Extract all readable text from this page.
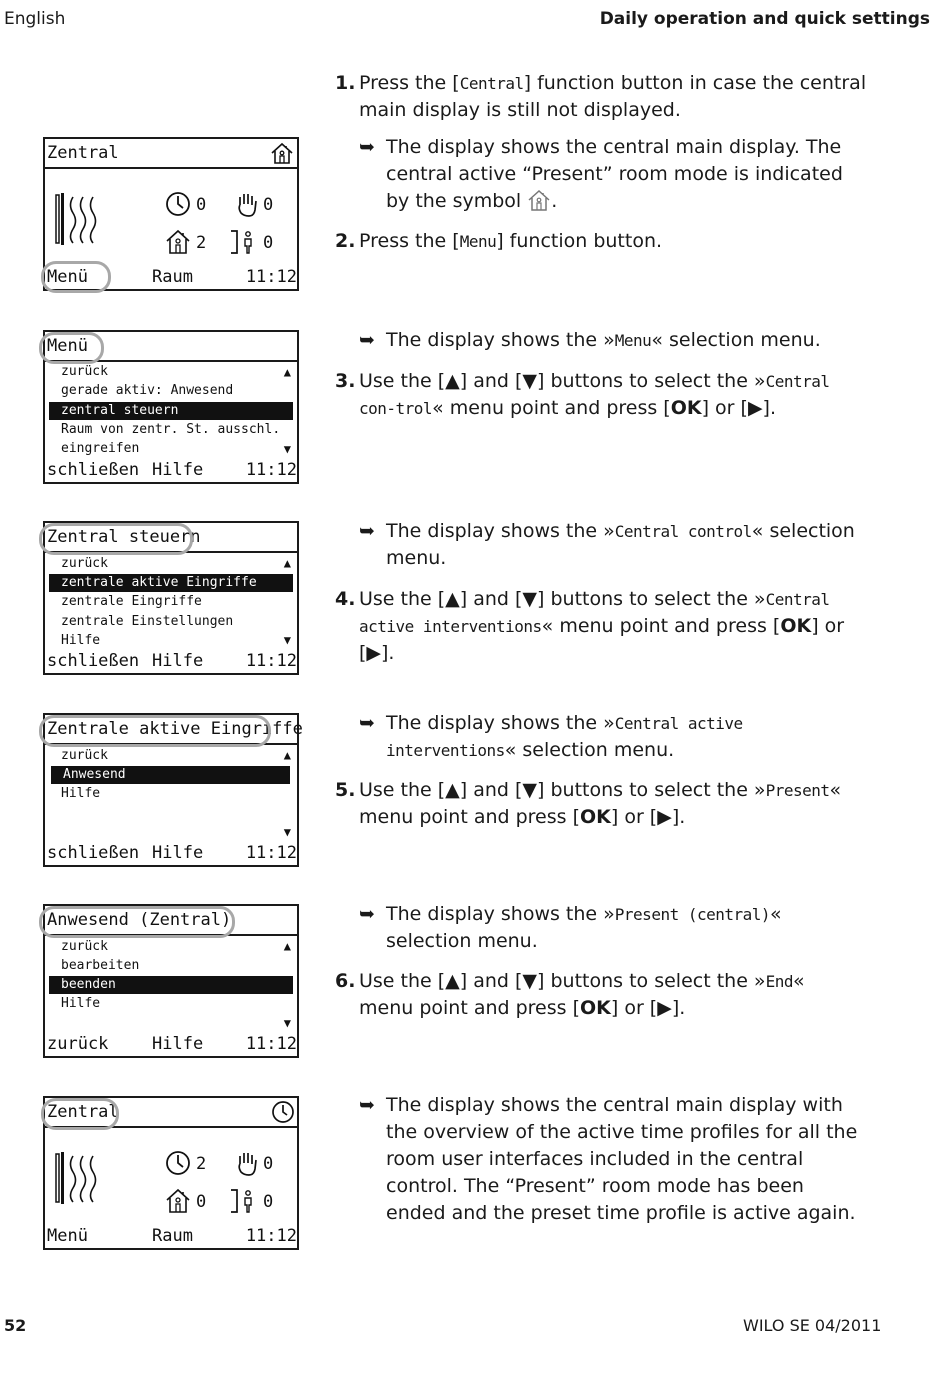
English	Daily operation and quick settings
Zentral
0	0
2	0
Menü	Raum	11:12
Menü
▲
zurück
gerade aktiv: Anwesend
zentral steuern
Raum von zentr. St. ausschl.
eingreifen	▼
schließen Hilfe	11:12
Zentral steuern
▲
zurück
zentrale aktive Eingriffe
zentrale Eingriffe
zentrale Einstellungen
Hilfe	▼
schließen Hilfe	11:12
Zentrale aktive Eingriffe
▲
zurück
Anwesend
Hilfe
▼
schließen Hilfe	11:12
Anwesend (Zentral)
▲
zurück
bearbeiten
beenden
Hilfe
▼
zurück	Hilfe	11:12
Zentral
2	0
0	0
Menü	Raum	11:12
1. Press the [Central] function button in case the central main display is still not displayed.
➥ The display shows the central main display. The central active “Present” room mode is indicated by the symbol .
2. Press the [Menu] function button.
➥ The display shows the »Menu« selection menu.
3. Use the [▲] and [▼] buttons to select the »Central con-trol« menu point and press [OK] or [▶].
➥ The display shows the »Central control« selection menu.
4. Use the [▲] and [▼] buttons to select the »Central active interventions« menu point and press [OK] or [▶].
➥ The display shows the »Central active interventions« selection menu.
5. Use the [▲] and [▼] buttons to select the »Present« menu point and press [OK] or [▶].
➥ The display shows the »Present (central)« selection menu.
6. Use the [▲] and [▼] buttons to select the »End« menu point and press [OK] or [▶].
➥ The display shows the central main display with the overview of the active time profiles for all the room user interfaces included in the central control. The “Present” room mode has been ended and the preset time profile is active again.
52	WILO SE 04/2011
